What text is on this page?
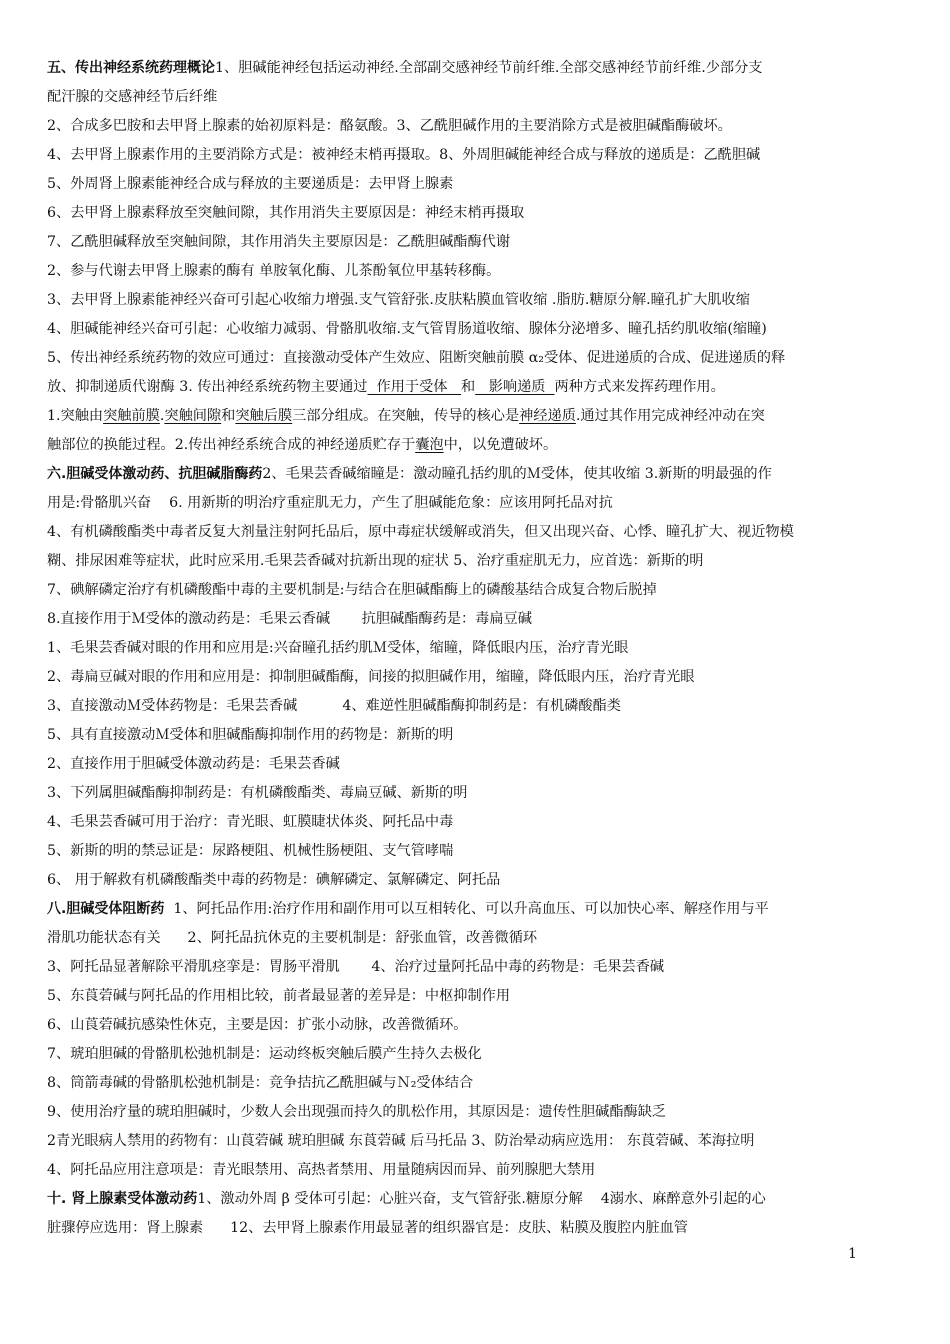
五、传出神经系统药理概论1、胆碱能神经包括运动神经.全部副交感神经节前纤维.全部交感神经节前纤维.少部分支
配汗腺的交感神经节后纤维
2、合成多巴胺和去甲肾上腺素的始初原料是：酪氨酸。3、乙酰胆碱作用的主要消除方式是被胆碱酯酶破坏。
4、去甲肾上腺素作用的主要消除方式是：被神经末梢再摄取。8、外周胆碱能神经合成与释放的递质是：乙酰胆碱
5、外周肾上腺素能神经合成与释放的主要递质是：去甲肾上腺素
6、去甲肾上腺素释放至突触间隙，其作用消失主要原因是：神经末梢再摄取
7、乙酰胆碱释放至突触间隙，其作用消失主要原因是：乙酰胆碱酯酶代谢
2、参与代谢去甲肾上腺素的酶有 单胺氧化酶、儿茶酚氧位甲基转移酶。
3、去甲肾上腺素能神经兴奋可引起心收缩力增强.支气管舒张.皮肤粘膜血管收缩 .脂肪.糖原分解.瞳孔扩大肌收缩
4、胆碱能神经兴奋可引起：心收缩力减弱、骨骼肌收缩.支气管胃肠道收缩、腺体分泌增多、瞳孔括约肌收缩(缩瞳)
5、传出神经系统药物的效应可通过：直接激动受体产生效应、阻断突触前膜 α₂受体、促进递质的合成、促进递质的释
放、抑制递质代谢酶 3. 传出神经系统药物主要通过  作用于受体   和   影响递质  两种方式来发挥药理作用。
1.突触由突触前膜.突触间隙和突触后膜三部分组成。在突触，传导的核心是神经递质.通过其作用完成神经冲动在突
触部位的换能过程。2.传出神经系统合成的神经递质贮存于囊泡中，以免遭破坏。
六.胆碱受体激动药、抗胆碱脂酶药2、毛果芸香碱缩瞳是：激动瞳孔括约肌的Ｍ受体，使其收缩 3.新斯的明最强的作
用是:骨骼肌兴奋    6. 用新斯的明治疗重症肌无力，产生了胆碱能危象：应该用阿托品对抗
4、有机磷酸酯类中毒者反复大剂量注射阿托品后，原中毒症状缓解或消失，但又出现兴奋、心悸、瞳孔扩大、视近物模
糊、排尿困难等症状，此时应采用.毛果芸香碱对抗新出现的症状 5、治疗重症肌无力，应首选：新斯的明
7、碘解磷定治疗有机磷酸酯中毒的主要机制是:与结合在胆碱酯酶上的磷酸基结合成复合物后脱掉
8.直接作用于Ｍ受体的激动药是：毛果云香碱       抗胆碱酯酶药是：毒扁豆碱
1、毛果芸香碱对眼的作用和应用是:兴奋瞳孔括约肌Ｍ受体，缩瞳，降低眼内压，治疗青光眼
2、毒扁豆碱对眼的作用和应用是：抑制胆碱酯酶，间接的拟胆碱作用，缩瞳，降低眼内压，治疗青光眼
3、直接激动Ｍ受体药物是：毛果芸香碱          4、难逆性胆碱酯酶抑制药是：有机磷酸酯类
5、具有直接激动Ｍ受体和胆碱酯酶抑制作用的药物是：新斯的明
2、直接作用于胆碱受体激动药是：毛果芸香碱
3、下列属胆碱酯酶抑制药是：有机磷酸酯类、毒扁豆碱、新斯的明
4、毛果芸香碱可用于治疗：青光眼、虹膜睫状体炎、阿托品中毒
5、新斯的明的禁忌证是：尿路梗阻、机械性肠梗阻、支气管哮喘
6、 用于解救有机磷酸酯类中毒的药物是：碘解磷定、氯解磷定、阿托品
八.胆碱受体阻断药  1、阿托品作用:治疗作用和副作用可以互相转化、可以升高血压、可以加快心率、解痉作用与平
滑肌功能状态有关      2、阿托品抗休克的主要机制是：舒张血管，改善微循环
3、阿托品显著解除平滑肌痉挛是：胃肠平滑肌       4、治疗过量阿托品中毒的药物是：毛果芸香碱
5、东莨菪碱与阿托品的作用相比较，前者最显著的差异是：中枢抑制作用
6、山莨菪碱抗感染性休克，主要是因：扩张小动脉，改善微循环。
7、琥珀胆碱的骨骼肌松弛机制是：运动终板突触后膜产生持久去极化
8、筒箭毒碱的骨骼肌松弛机制是：竞争拮抗乙酰胆碱与Ｎ₂受体结合
9、使用治疗量的琥珀胆碱时，少数人会出现强而持久的肌松作用，其原因是：遗传性胆碱酯酶缺乏
2青光眼病人禁用的药物有：山莨菪碱 琥珀胆碱 东莨菪碱 后马托品 3、防治晕动病应选用： 东莨菪碱、苯海拉明
4、阿托品应用注意项是：青光眼禁用、高热者禁用、用量随病因而异、前列腺肥大禁用
十. 肾上腺素受体激动药1、激动外周 β 受体可引起：心脏兴奋，支气管舒张.糖原分解    4溺水、麻醉意外引起的心
脏骤停应选用：肾上腺素      12、去甲肾上腺素作用最显著的组织器官是：皮肤、粘膜及腹腔内脏血管
1
